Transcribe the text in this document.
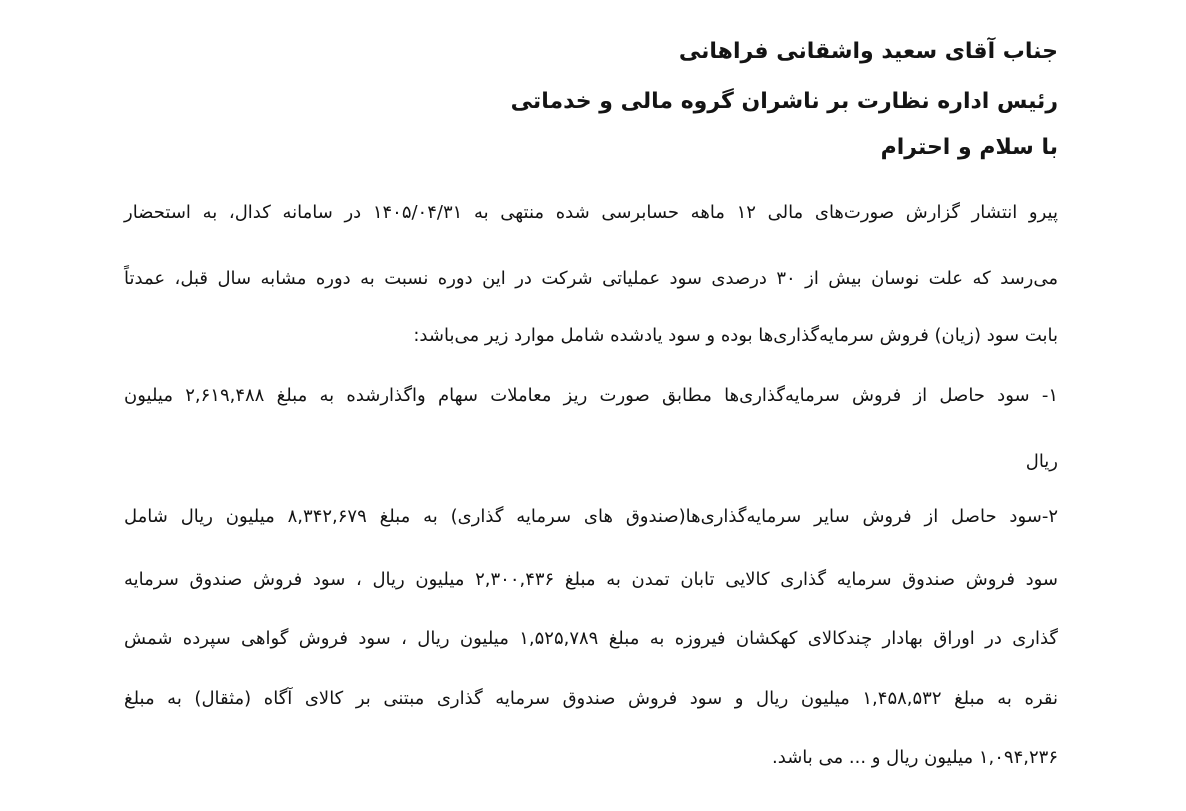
جناب آقای سعید واشقانی فراهانی
رئیس اداره نظارت بر ناشران گروه مالی و خدماتی
با سلام و احترام
پیرو انتشار گزارش صورت‌های مالی ۱۲ ماهه حسابرسی شده منتهی به ۱۴۰۵/۰۴/۳۱ در سامانه کدال، به استحضار
می‌رسد که علت نوسان بیش از ۳۰ درصدی سود عملیاتی شرکت در این دوره نسبت به دوره مشابه سال قبل، عمدتاً
بابت سود (زیان) فروش سرمایه‌گذاری‌ها بوده و سود یادشده شامل موارد زیر می‌باشد:
۱- سود حاصل از فروش سرمایه‌گذاری‌ها مطابق صورت ریز معاملات سهام واگذارشده به مبلغ ۲,۶۱۹,۴۸۸ میلیون
ریال
۲-سود حاصل از فروش سایر سرمایه‌گذاری‌ها(صندوق های سرمایه گذاری) به مبلغ ۸,۳۴۲,۶۷۹ میلیون ریال شامل
سود فروش صندوق سرمایه گذاری کالایی تابان تمدن به مبلغ ۲,۳۰۰,۴۳۶ میلیون ریال ، سود فروش صندوق سرمایه
گذاری در اوراق بهادار چندکالای کهکشان فیروزه به مبلغ ۱,۵۲۵,۷۸۹ میلیون ریال ، سود فروش گواهی سپرده شمش
نقره به مبلغ ۱,۴۵۸,۵۳۲ میلیون ریال و سود فروش صندوق سرمایه گذاری مبتنی بر کالای آگاه (مثقال) به مبلغ
۱,۰۹۴,۲۳۶ میلیون ریال و ... می باشد.
